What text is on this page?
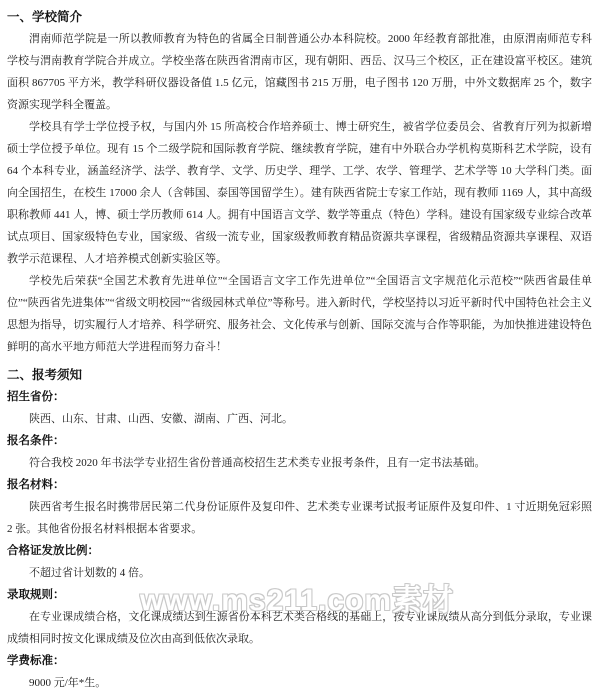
一、学校简介

渭南师范学院是一所以教师教育为特色的省属全日制普通公办本科院校。2000 年经教育部批准，由原渭南师范专科学校与渭南教育学院合并成立。学校坐落在陕西省渭南市区，现有朝阳、西岳、汉马三个校区，正在建设富平校区。建筑面积 867705 平方米，教学科研仪器设备值 1.5 亿元，馆藏图书 215 万册，电子图书 120 万册，中外文数据库 25 个，数字资源实现学科全覆盖。

学校具有学士学位授予权，与国内外 15 所高校合作培养硕士、博士研究生，被省学位委员会、省教育厅列为拟新增硕士学位授予单位。现有 15 个二级学院和国际教育学院、继续教育学院，建有中外联合办学机构莫斯科艺术学院，设有 64 个本科专业，涵盖经济学、法学、教育学、文学、历史学、理学、工学、农学、管理学、艺术学等 10 大学科门类。面向全国招生，在校生 17000 余人（含韩国、泰国等国留学生）。建有陕西省院士专家工作站，现有教师 1169 人，其中高级职称教师 441 人，博、硕士学历教师 614 人。拥有中国语言文学、数学等重点（特色）学科。建设有国家级专业综合改革试点项目、国家级特色专业，国家级、省级一流专业，国家级教师教育精品资源共享课程，省级精品资源共享课程、双语教学示范课程、人才培养模式创新实验区等。

学校先后荣获“全国艺术教育先进单位”“全国语言文字工作先进单位”“全国语言文字规范化示范校”“陕西省最佳单位”“陕西省先进集体”“省级文明校园”“省级园林式单位”等称号。进入新时代，学校坚持以习近平新时代中国特色社会主义思想为指导，切实履行人才培养、科学研究、服务社会、文化传承与创新、国际交流与合作等职能，为加快推进建设特色鲜明的高水平地方师范大学进程而努力奋斗！

二、报考须知
招生省份：

陕西、山东、甘肃、山西、安徽、湖南、广西、河北。

报名条件：

符合我校 2020 年书法学专业招生省份普通高校招生艺术类专业报考条件，且有一定书法基础。

报名材料：

陕西省考生报名时携带居民第二代身份证原件及复印件、艺术类专业课考试报考证原件及复印件、1 寸近期免冠彩照 2 张。其他省份报名材料根据本省要求。

合格证发放比例：

不超过省计划数的 4 倍。

录取规则：

在专业课成绩合格，文化课成绩达到生源省份本科艺术类合格线的基础上，按专业课成绩从高分到低分录取，专业课成绩相同时按文化课成绩及位次由高到低依次录取。

学费标准：

9000 元/年*生。

www.ms211.com素材
